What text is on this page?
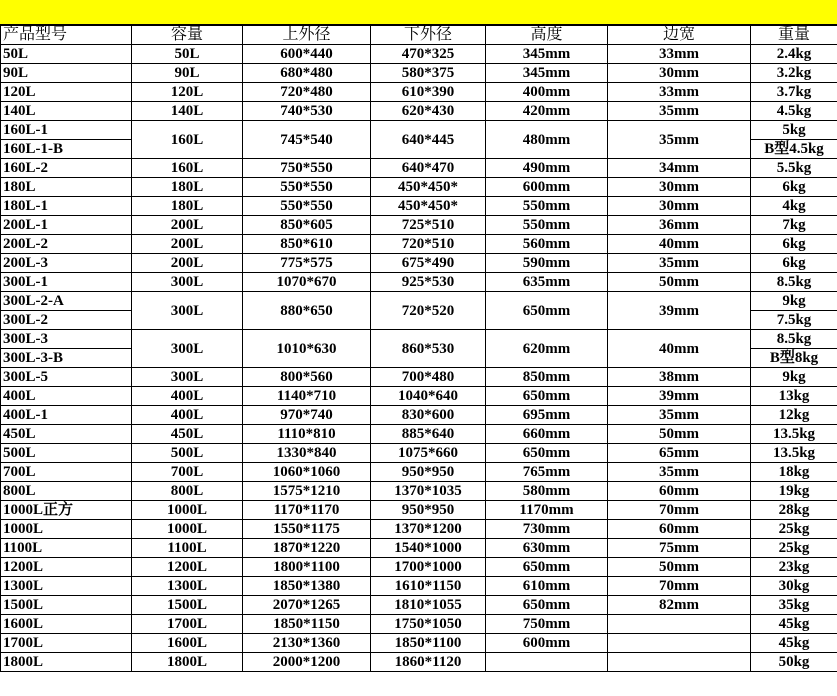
产品型号	容量	上外径	下外径	高度	边宽	重量
50L	50L	600*440	470*325	345mm	33mm	2.4kg
90L	90L	680*480	580*375	345mm	30mm	3.2kg
120L	120L	720*480	610*390	400mm	33mm	3.7kg
140L	140L	740*530	620*430	420mm	35mm	4.5kg
160L-1	160L	745*540	640*445	480mm	35mm	5kg
160L-1-B						B型4.5kg
160L-2	160L	750*550	640*470	490mm	34mm	5.5kg
180L	180L	550*550	450*450*	600mm	30mm	6kg
180L-1	180L	550*550	450*450*	550mm	30mm	4kg
200L-1	200L	850*605	725*510	550mm	36mm	7kg
200L-2	200L	850*610	720*510	560mm	40mm	6kg
200L-3	200L	775*575	675*490	590mm	35mm	6kg
300L-1	300L	1070*670	925*530	635mm	50mm	8.5kg
300L-2-A	300L	880*650	720*520	650mm	39mm	9kg
300L-2						7.5kg
300L-3	300L	1010*630	860*530	620mm	40mm	8.5kg
300L-3-B						B型8kg
300L-5	300L	800*560	700*480	850mm	38mm	9kg
400L	400L	1140*710	1040*640	650mm	39mm	13kg
400L-1	400L	970*740	830*600	695mm	35mm	12kg
450L	450L	1110*810	885*640	660mm	50mm	13.5kg
500L	500L	1330*840	1075*660	650mm	65mm	13.5kg
700L	700L	1060*1060	950*950	765mm	35mm	18kg
800L	800L	1575*1210	1370*1035	580mm	60mm	19kg
1000L正方	1000L	1170*1170	950*950	1170mm	70mm	28kg
1000L	1000L	1550*1175	1370*1200	730mm	60mm	25kg
1100L	1100L	1870*1220	1540*1000	630mm	75mm	25kg
1200L	1200L	1800*1100	1700*1000	650mm	50mm	23kg
1300L	1300L	1850*1380	1610*1150	610mm	70mm	30kg
1500L	1500L	2070*1265	1810*1055	650mm	82mm	35kg
1600L	1700L	1850*1150	1750*1050	750mm		45kg
1700L	1600L	2130*1360	1850*1100	600mm		45kg
1800L	1800L	2000*1200	1860*1120			50kg
